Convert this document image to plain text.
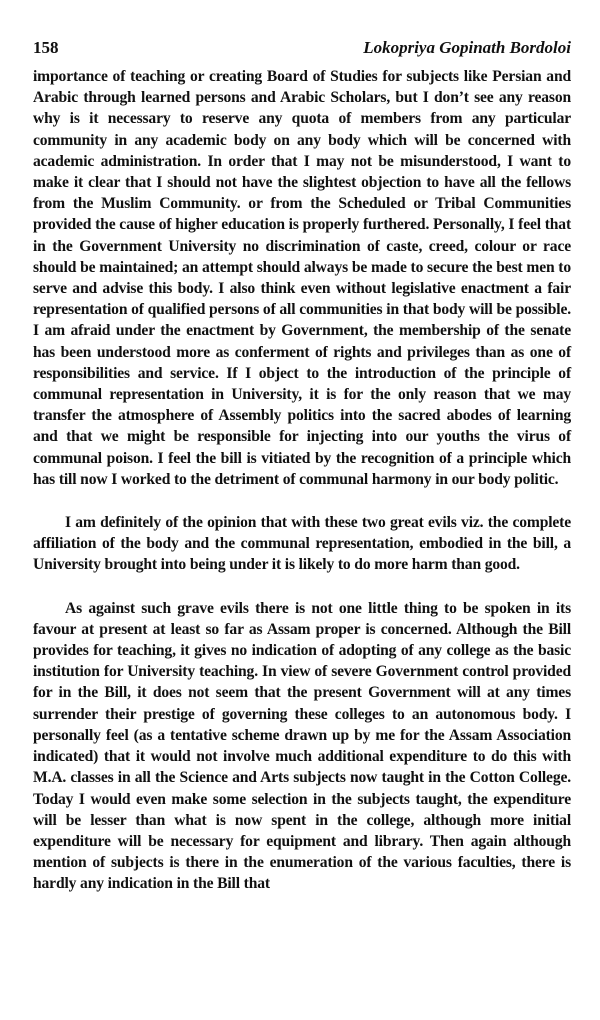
158	Lokopriya Gopinath Bordoloi

importance of teaching or creating Board of Studies for subjects like Persian and Arabic through learned persons and Arabic Scholars, but I don’t see any reason why is it necessary to reserve any quota of members from any particular community in any academic body on any body which will be concerned with academic administration. In order that I may not be misunderstood, I want to make it clear that I should not have the slightest objection to have all the fellows from the Muslim Community. or from the Scheduled or Tribal Communities provided the cause of higher education is properly furthered. Personally, I feel that in the Government University no discrimination of caste, creed, colour or race should be maintained; an attempt should always be made to secure the best men to serve and advise this body. I also think even without legislative enactment a fair representation of qualified persons of all communities in that body will be possible. I am afraid under the enactment by Government, the membership of the senate has been understood more as conferment of rights and privileges than as one of responsibilities and service. If I object to the introduction of the principle of communal representation in University, it is for the only reason that we may transfer the atmosphere of Assembly politics into the sacred abodes of learning and that we might be responsible for injecting into our youths the virus of communal poison. I feel the bill is vitiated by the recognition of a principle which has till now I worked to the detriment of communal harmony in our body politic.

I am definitely of the opinion that with these two great evils viz. the complete affiliation of the body and the communal representation, embodied in the bill, a University brought into being under it is likely to do more harm than good.

As against such grave evils there is not one little thing to be spoken in its favour at present at least so far as Assam proper is concerned. Although the Bill provides for teaching, it gives no indication of adopting of any college as the basic institution for University teaching. In view of severe Government control provided for in the Bill, it does not seem that the present Government will at any times surrender their prestige of governing these colleges to an autonomous body. I personally feel (as a tentative scheme drawn up by me for the Assam Association indicated) that it would not involve much additional expenditure to do this with M.A. classes in all the Science and Arts subjects now taught in the Cotton College. Today I would even make some selection in the subjects taught, the expenditure will be lesser than what is now spent in the college, although more initial expenditure will be necessary for equipment and library. Then again although mention of subjects is there in the enumeration of the various faculties, there is hardly any indication in the Bill that
